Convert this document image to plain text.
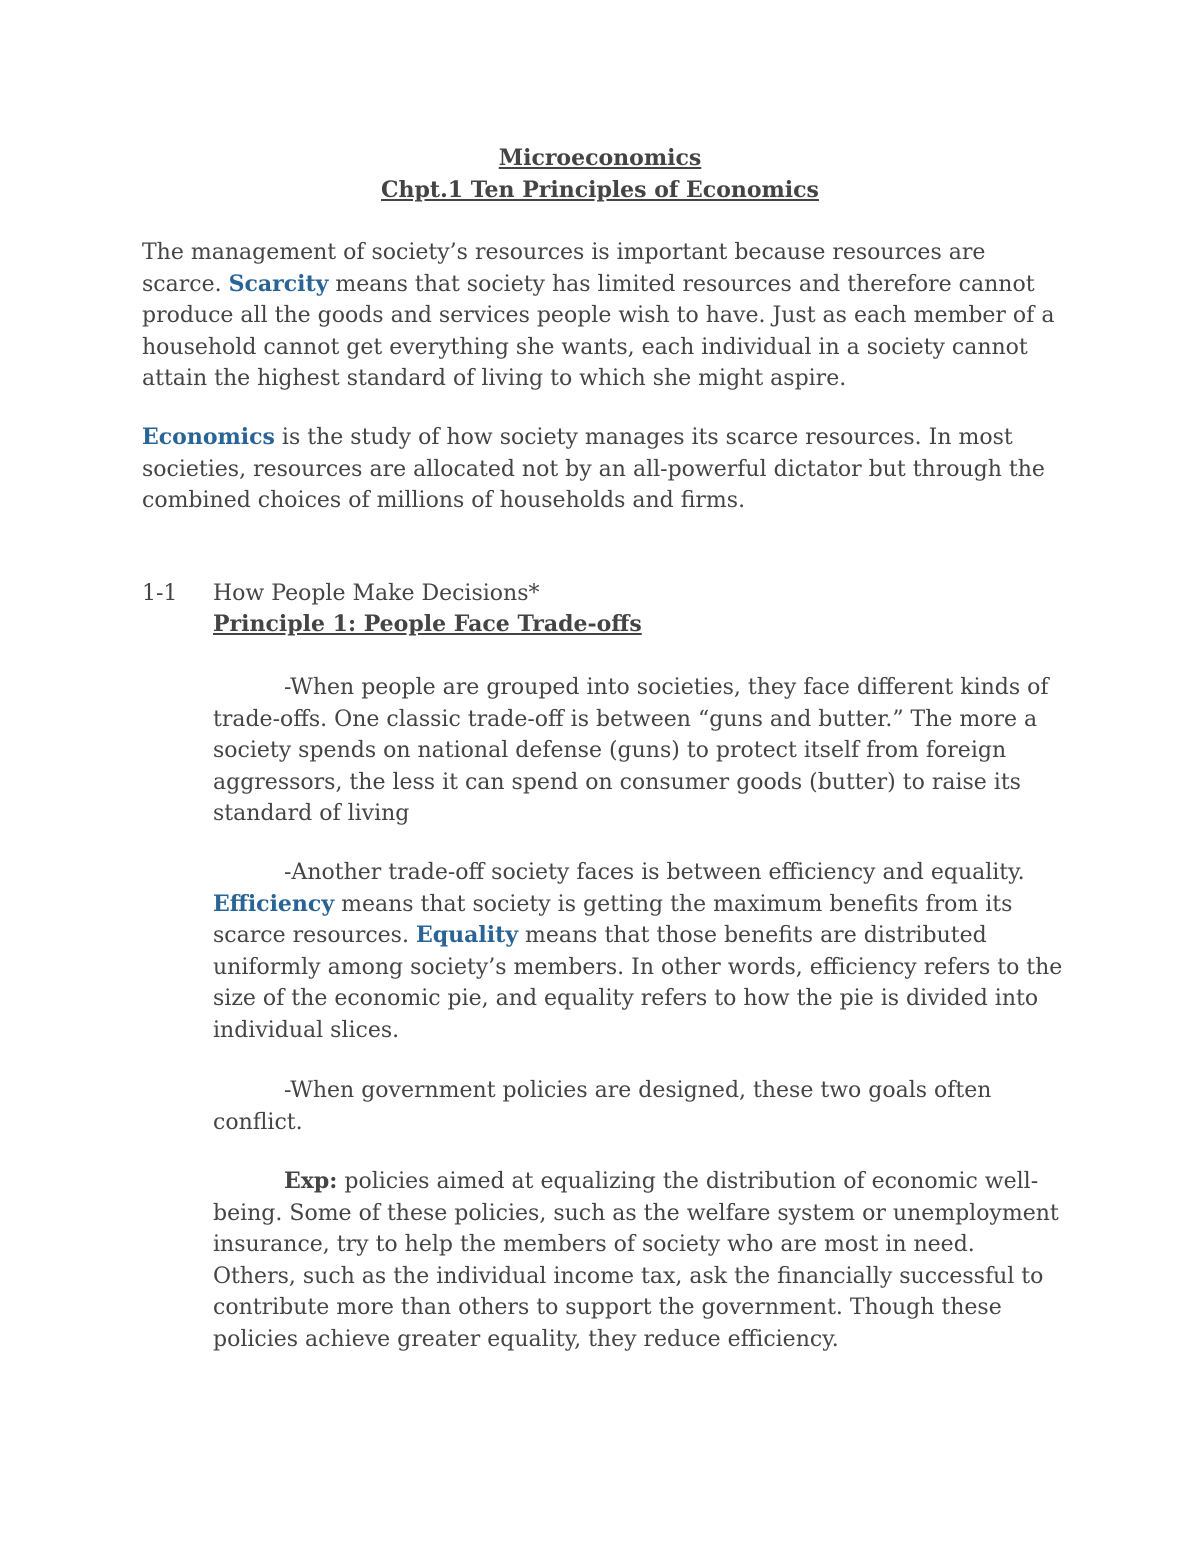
Microeconomics
Chpt.1 Ten Principles of Economics

The management of society’s resources is important because resources are scarce. Scarcity means that society has limited resources and therefore cannot produce all the goods and services people wish to have. Just as each member of a household cannot get everything she wants, each individual in a society cannot attain the highest standard of living to which she might aspire.

Economics is the study of how society manages its scarce resources. In most societies, resources are allocated not by an all-powerful dictator but through the combined choices of millions of households and firms.

1-1	How People Make Decisions*
Principle 1: People Face Trade-offs

-When people are grouped into societies, they face different kinds of trade-offs. One classic trade-off is between “guns and butter.” The more a society spends on national defense (guns) to protect itself from foreign aggressors, the less it can spend on consumer goods (butter) to raise its standard of living

-Another trade-off society faces is between efficiency and equality. Efficiency means that society is getting the maximum benefits from its scarce resources. Equality means that those benefits are distributed uniformly among society’s members. In other words, efficiency refers to the size of the economic pie, and equality refers to how the pie is divided into individual slices.

-When government policies are designed, these two goals often conflict.

Exp: policies aimed at equalizing the distribution of economic well-being. Some of these policies, such as the welfare system or unemployment insurance, try to help the members of society who are most in need. Others, such as the individual income tax, ask the financially successful to contribute more than others to support the government. Though these policies achieve greater equality, they reduce efficiency.
